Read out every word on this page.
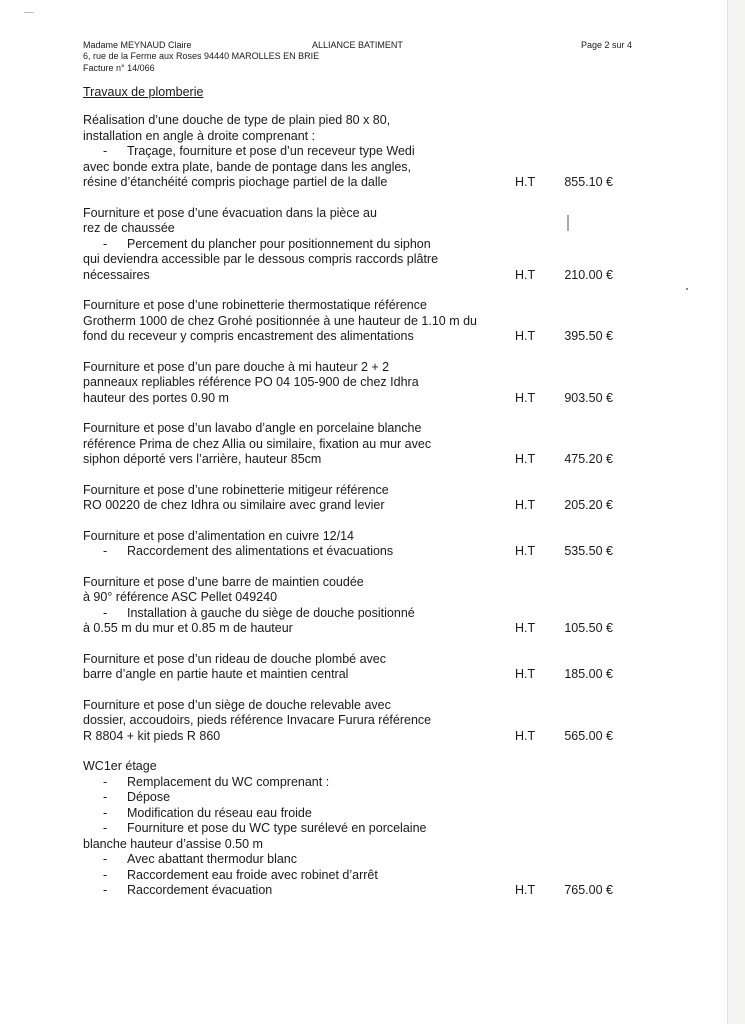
Madame MEYNAUD Claire	ALLIANCE BATIMENT	Page 2 sur 4
6, rue de la Ferme aux Roses 94440 MAROLLES EN BRIE
Facture n° 14/066
Travaux de plomberie
Réalisation d’une douche de type de plain pied 80 x 80,
installation en angle à droite comprenant :
- Traçage, fourniture et pose d’un receveur type Wedi
avec bonde extra plate, bande de pontage dans les angles,
résine d’étanchéité compris piochage partiel de la dalle	H.T 855.10 €
Fourniture et pose d’une évacuation dans la pièce au
rez de chaussée
- Percement du plancher pour positionnement du siphon
qui deviendra accessible par le dessous compris raccords plâtre
nécessaires	H.T 210.00 €
Fourniture et pose d’une robinetterie thermostatique référence
Grotherm 1000 de chez Grohé positionnée à une hauteur de 1.10 m du
fond du receveur y compris encastrement des alimentations	H.T 395.50 €
Fourniture et pose d’un pare douche à mi hauteur 2 + 2
panneaux repliables référence PO 04 105-900 de chez Idhra
hauteur des portes 0.90 m	H.T 903.50 €
Fourniture et pose d’un lavabo d’angle en porcelaine blanche
référence Prima de chez Allia ou similaire, fixation au mur avec
siphon déporté vers l’arrière, hauteur 85cm	H.T 475.20 €
Fourniture et pose d’une robinetterie mitigeur référence
RO 00220 de chez Idhra ou similaire avec grand levier	H.T 205.20 €
Fourniture et pose d’alimentation en cuivre 12/14
- Raccordement des alimentations et évacuations	H.T 535.50 €
Fourniture et pose d’une barre de maintien coudée
à 90° référence ASC Pellet 049240
- Installation à gauche du siège de douche positionné
à 0.55 m du mur et 0.85 m de hauteur	H.T 105.50 €
Fourniture et pose d’un rideau de douche plombé avec
barre d’angle en partie haute et maintien central	H.T 185.00 €
Fourniture et pose d’un siège de douche relevable avec
dossier, accoudoirs, pieds référence Invacare Furura référence
R 8804 + kit pieds R 860	H.T 565.00 €
WC1er étage
- Remplacement du WC comprenant :
- Dépose
- Modification du réseau eau froide
- Fourniture et pose du WC type surélevé en porcelaine
blanche hauteur d’assise 0.50 m
- Avec abattant thermodur blanc
- Raccordement eau froide avec robinet d’arrêt
- Raccordement évacuation	H.T 765.00 €
